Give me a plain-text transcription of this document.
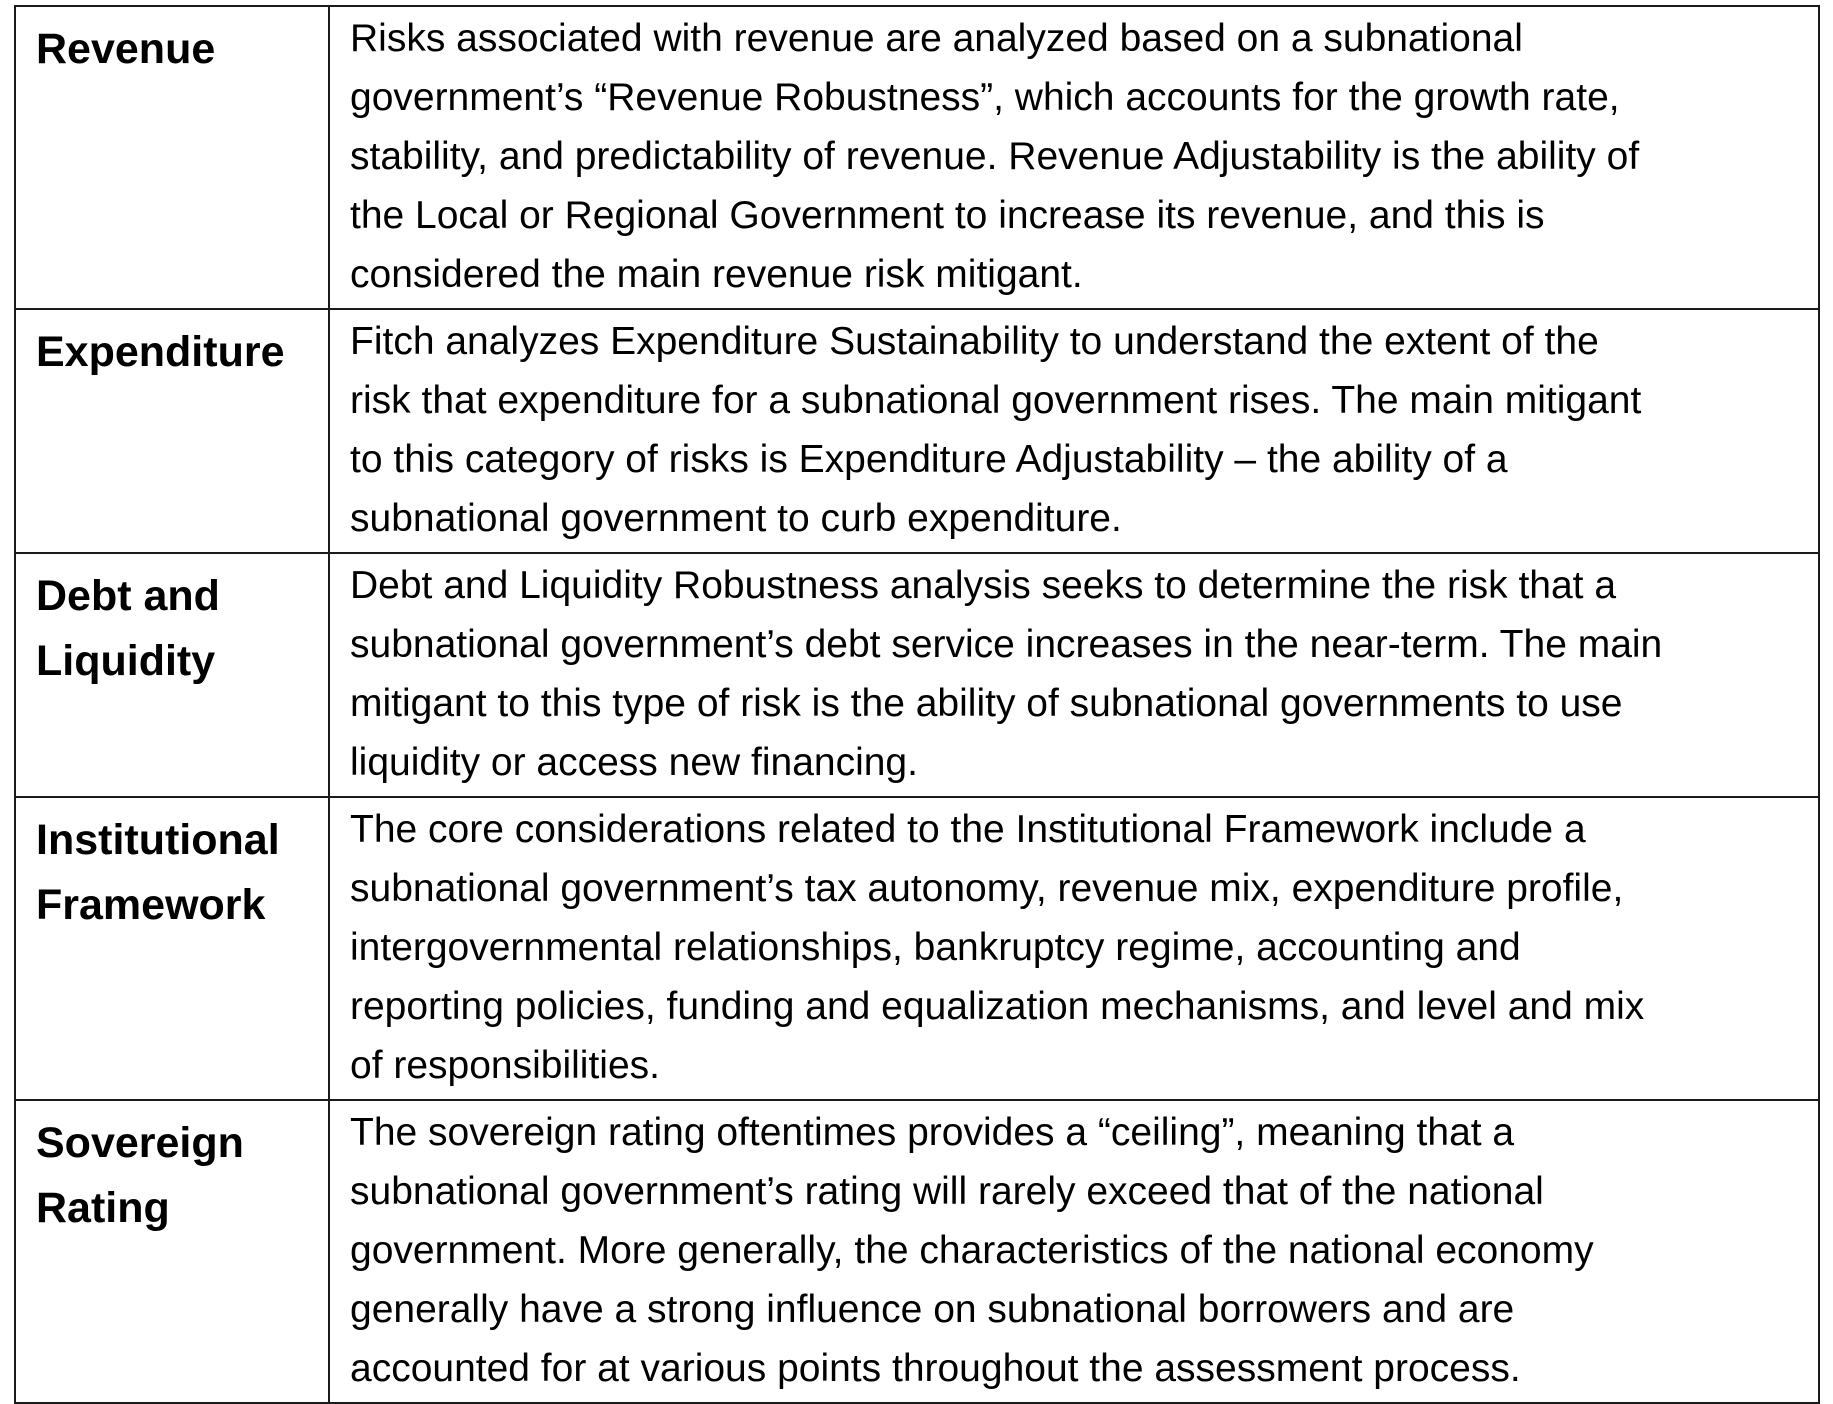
Revenue	Risks associated with revenue are analyzed based on a subnational
government’s “Revenue Robustness”, which accounts for the growth rate,
stability, and predictability of revenue. Revenue Adjustability is the ability of
the Local or Regional Government to increase its revenue, and this is
considered the main revenue risk mitigant.

Expenditure	Fitch analyzes Expenditure Sustainability to understand the extent of the
risk that expenditure for a subnational government rises. The main mitigant
to this category of risks is Expenditure Adjustability – the ability of a
subnational government to curb expenditure.

Debt and
Liquidity	Debt and Liquidity Robustness analysis seeks to determine the risk that a
subnational government’s debt service increases in the near-term. The main
mitigant to this type of risk is the ability of subnational governments to use
liquidity or access new financing.

Institutional
Framework	The core considerations related to the Institutional Framework include a
subnational government’s tax autonomy, revenue mix, expenditure profile,
intergovernmental relationships, bankruptcy regime, accounting and
reporting policies, funding and equalization mechanisms, and level and mix
of responsibilities.

Sovereign
Rating	The sovereign rating oftentimes provides a “ceiling”, meaning that a
subnational government’s rating will rarely exceed that of the national
government. More generally, the characteristics of the national economy
generally have a strong influence on subnational borrowers and are
accounted for at various points throughout the assessment process.
